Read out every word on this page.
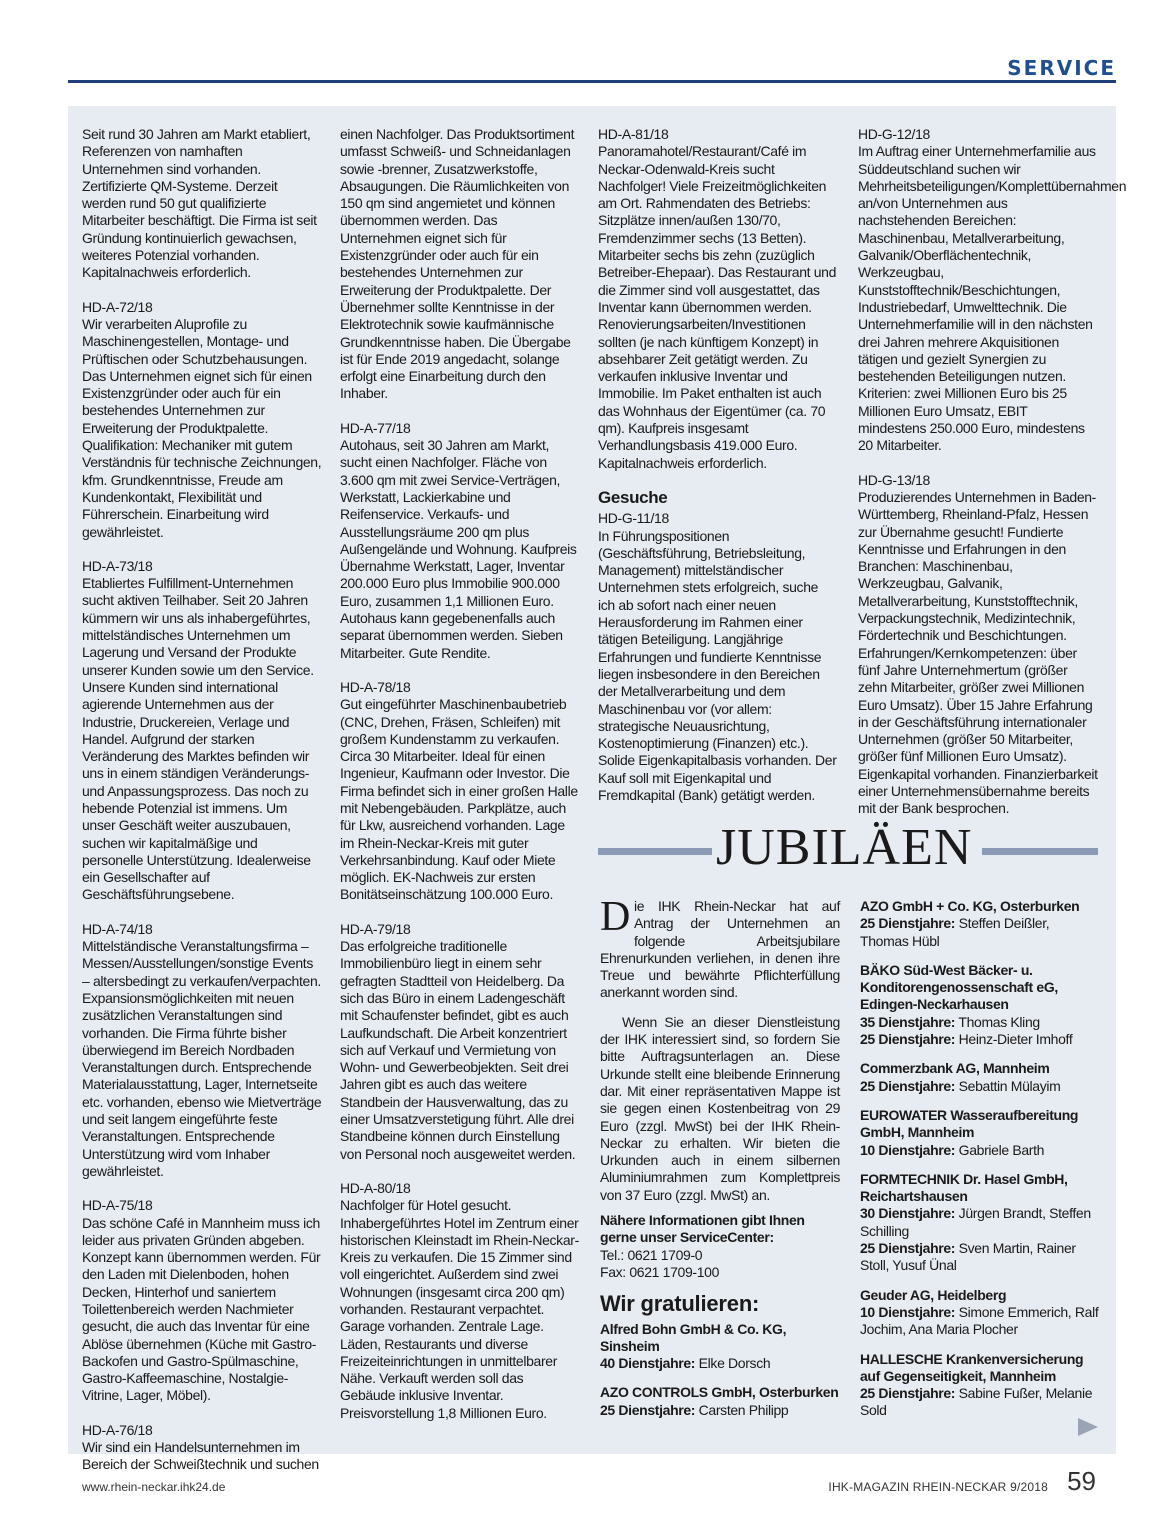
SERVICE

Seit rund 30 Jahren am Markt etabliert, Referenzen von namhaften Unternehmen sind vorhanden. Zertifizierte QM-Systeme. Derzeit werden rund 50 gut qualifizierte Mitarbeiter beschäftigt. Die Firma ist seit Gründung kontinuierlich gewachsen, weiteres Potenzial vorhanden. Kapitalnachweis erforderlich.

HD-A-72/18
Wir verarbeiten Aluprofile zu Maschinengestellen, Montage- und Prüftischen oder Schutzbehausungen. Das Unternehmen eignet sich für einen Existenzgründer oder auch für ein bestehendes Unternehmen zur Erweiterung der Produktpalette. Qualifikation: Mechaniker mit gutem Verständnis für technische Zeichnungen, kfm. Grundkenntnisse, Freude am Kundenkontakt, Flexibilität und Führerschein. Einarbeitung wird gewährleistet.

HD-A-73/18
Etabliertes Fulfillment-Unternehmen sucht aktiven Teilhaber. Seit 20 Jahren kümmern wir uns als inhabergeführtes, mittelständisches Unternehmen um Lagerung und Versand der Produkte unserer Kunden sowie um den Service. Unsere Kunden sind international agierende Unternehmen aus der Industrie, Druckereien, Verlage und Handel. Aufgrund der starken Veränderung des Marktes befinden wir uns in einem ständigen Veränderungs- und Anpassungsprozess. Das noch zu hebende Potenzial ist immens. Um unser Geschäft weiter auszubauen, suchen wir kapitalmäßige und personelle Unterstützung. Idealerweise ein Gesellschafter auf Geschäftsführungsebene.

HD-A-74/18
Mittelständische Veranstaltungsfirma – Messen/Ausstellungen/sonstige Events – altersbedingt zu verkaufen/verpachten. Expansionsmöglichkeiten mit neuen zusätzlichen Veranstaltungen sind vorhanden. Die Firma führte bisher überwiegend im Bereich Nordbaden Veranstaltungen durch. Entsprechende Materialausstattung, Lager, Internetseite etc. vorhanden, ebenso wie Mietverträge und seit langem eingeführte feste Veranstaltungen. Entsprechende Unterstützung wird vom Inhaber gewährleistet.

HD-A-75/18
Das schöne Café in Mannheim muss ich leider aus privaten Gründen abgeben. Konzept kann übernommen werden. Für den Laden mit Dielenboden, hohen Decken, Hinterhof und saniertem Toilettenbereich werden Nachmieter gesucht, die auch das Inventar für eine Ablöse übernehmen (Küche mit Gastro-Backofen und Gastro-Spülmaschine, Gastro-Kaffeemaschine, Nostalgie-Vitrine, Lager, Möbel).

HD-A-76/18
Wir sind ein Handelsunternehmen im Bereich der Schweißtechnik und suchen

einen Nachfolger. Das Produktsortiment umfasst Schweiß- und Schneidanlagen sowie -brenner, Zusatzwerkstoffe, Absaugungen. Die Räumlichkeiten von 150 qm sind angemietet und können übernommen werden. Das Unternehmen eignet sich für Existenzgründer oder auch für ein bestehendes Unternehmen zur Erweiterung der Produktpalette. Der Übernehmer sollte Kenntnisse in der Elektrotechnik sowie kaufmännische Grundkenntnisse haben. Die Übergabe ist für Ende 2019 angedacht, solange erfolgt eine Einarbeitung durch den Inhaber.

HD-A-77/18
Autohaus, seit 30 Jahren am Markt, sucht einen Nachfolger. Fläche von 3.600 qm mit zwei Service-Verträgen, Werkstatt, Lackierkabine und Reifenservice. Verkaufs- und Ausstellungsräume 200 qm plus Außengelände und Wohnung. Kaufpreis Übernahme Werkstatt, Lager, Inventar 200.000 Euro plus Immobilie 900.000 Euro, zusammen 1,1 Millionen Euro. Autohaus kann gegebenenfalls auch separat übernommen werden. Sieben Mitarbeiter. Gute Rendite.

HD-A-78/18
Gut eingeführter Maschinenbaubetrieb (CNC, Drehen, Fräsen, Schleifen) mit großem Kundenstamm zu verkaufen. Circa 30 Mitarbeiter. Ideal für einen Ingenieur, Kaufmann oder Investor. Die Firma befindet sich in einer großen Halle mit Nebengebäuden. Parkplätze, auch für Lkw, ausreichend vorhanden. Lage im Rhein-Neckar-Kreis mit guter Verkehrsanbindung. Kauf oder Miete möglich. EK-Nachweis zur ersten Bonitätseinschätzung 100.000 Euro.

HD-A-79/18
Das erfolgreiche traditionelle Immobilienbüro liegt in einem sehr gefragten Stadtteil von Heidelberg. Da sich das Büro in einem Ladengeschäft mit Schaufenster befindet, gibt es auch Laufkundschaft. Die Arbeit konzentriert sich auf Verkauf und Vermietung von Wohn- und Gewerbeobjekten. Seit drei Jahren gibt es auch das weitere Standbein der Hausverwaltung, das zu einer Umsatzverstetigung führt. Alle drei Standbeine können durch Einstellung von Personal noch ausgeweitet werden.

HD-A-80/18
Nachfolger für Hotel gesucht. Inhabergeführtes Hotel im Zentrum einer historischen Kleinstadt im Rhein-Neckar-Kreis zu verkaufen. Die 15 Zimmer sind voll eingerichtet. Außerdem sind zwei Wohnungen (insgesamt circa 200 qm) vorhanden. Restaurant verpachtet. Garage vorhanden. Zentrale Lage. Läden, Restaurants und diverse Freizeiteinrichtungen in unmittelbarer Nähe. Verkauft werden soll das Gebäude inklusive Inventar. Preisvorstellung 1,8 Millionen Euro.

HD-A-81/18
Panoramahotel/Restaurant/Café im Neckar-Odenwald-Kreis sucht Nachfolger! Viele Freizeitmöglichkeiten am Ort. Rahmendaten des Betriebs: Sitzplätze innen/außen 130/70, Fremdenzimmer sechs (13 Betten). Mitarbeiter sechs bis zehn (zuzüglich Betreiber-Ehepaar). Das Restaurant und die Zimmer sind voll ausgestattet, das Inventar kann übernommen werden. Renovierungsarbeiten/Investitionen sollten (je nach künftigem Konzept) in absehbarer Zeit getätigt werden. Zu verkaufen inklusive Inventar und Immobilie. Im Paket enthalten ist auch das Wohnhaus der Eigentümer (ca. 70 qm). Kaufpreis insgesamt Verhandlungsbasis 419.000 Euro. Kapitalnachweis erforderlich.

Gesuche

HD-G-11/18
In Führungspositionen (Geschäftsführung, Betriebsleitung, Management) mittelständischer Unternehmen stets erfolgreich, suche ich ab sofort nach einer neuen Herausforderung im Rahmen einer tätigen Beteiligung. Langjährige Erfahrungen und fundierte Kenntnisse liegen insbesondere in den Bereichen der Metallverarbeitung und dem Maschinenbau vor (vor allem: strategische Neuausrichtung, Kostenoptimierung (Finanzen) etc.). Solide Eigenkapitalbasis vorhanden. Der Kauf soll mit Eigenkapital und Fremdkapital (Bank) getätigt werden.

HD-G-12/18
Im Auftrag einer Unternehmerfamilie aus Süddeutschland suchen wir Mehrheitsbeteiligungen/Komplettübernahmen an/von Unternehmen aus nachstehenden Bereichen: Maschinenbau, Metallverarbeitung, Galvanik/Oberflächentechnik, Werkzeugbau, Kunststofftechnik/Beschichtungen, Industriebedarf, Umwelttechnik. Die Unternehmerfamilie will in den nächsten drei Jahren mehrere Akquisitionen tätigen und gezielt Synergien zu bestehenden Beteiligungen nutzen. Kriterien: zwei Millionen Euro bis 25 Millionen Euro Umsatz, EBIT mindestens 250.000 Euro, mindestens 20 Mitarbeiter.

HD-G-13/18
Produzierendes Unternehmen in Baden-Württemberg, Rheinland-Pfalz, Hessen zur Übernahme gesucht! Fundierte Kenntnisse und Erfahrungen in den Branchen: Maschinenbau, Werkzeugbau, Galvanik, Metallverarbeitung, Kunststofftechnik, Verpackungstechnik, Medizintechnik, Fördertechnik und Beschichtungen. Erfahrungen/Kernkompetenzen: über fünf Jahre Unternehmertum (größer zehn Mitarbeiter, größer zwei Millionen Euro Umsatz). Über 15 Jahre Erfahrung in der Geschäftsführung internationaler Unternehmen (größer 50 Mitarbeiter, größer fünf Millionen Euro Umsatz). Eigenkapital vorhanden. Finanzierbarkeit einer Unternehmensübernahme bereits mit der Bank besprochen.

JUBILÄEN

Die IHK Rhein-Neckar hat auf Antrag der Unternehmen an folgende Arbeitsjubilare Ehrenurkunden verliehen, in denen ihre Treue und bewährte Pflichterfüllung anerkannt worden sind.

Wenn Sie an dieser Dienstleistung der IHK interessiert sind, so fordern Sie bitte Auftragsunterlagen an. Diese Urkunde stellt eine bleibende Erinnerung dar. Mit einer repräsentativen Mappe ist sie gegen einen Kostenbeitrag von 29 Euro (zzgl. MwSt) bei der IHK Rhein-Neckar zu erhalten. Wir bieten die Urkunden auch in einem silbernen Aluminiumrahmen zum Komplettpreis von 37 Euro (zzgl. MwSt) an.

Nähere Informationen gibt Ihnen gerne unser ServiceCenter:
Tel.: 0621 1709-0
Fax: 0621 1709-100
Wir gratulieren:
Alfred Bohn GmbH & Co. KG, Sinsheim
40 Dienstjahre: Elke Dorsch
AZO CONTROLS GmbH, Osterburken
25 Dienstjahre: Carsten Philipp
AZO GmbH + Co. KG, Osterburken
25 Dienstjahre: Steffen Deißler, Thomas Hübl
BÄKO Süd-West Bäcker- u. Konditorengenossenschaft eG, Edingen-Neckarhausen
35 Dienstjahre: Thomas Kling
25 Dienstjahre: Heinz-Dieter Imhoff
Commerzbank AG, Mannheim
25 Dienstjahre: Sebattin Mülayim
EUROWATER Wasseraufbereitung GmbH, Mannheim
10 Dienstjahre: Gabriele Barth
FORMTECHNIK Dr. Hasel GmbH, Reichartshausen
30 Dienstjahre: Jürgen Brandt, Steffen Schilling
25 Dienstjahre: Sven Martin, Rainer Stoll, Yusuf Ünal
Geuder AG, Heidelberg
10 Dienstjahre: Simone Emmerich, Ralf Jochim, Ana Maria Plocher
HALLESCHE Krankenversicherung auf Gegenseitigkeit, Mannheim
25 Dienstjahre: Sabine Fußer, Melanie Sold
www.rhein-neckar.ihk24.de	IHK-MAGAZIN RHEIN-NECKAR 9/2018 59
